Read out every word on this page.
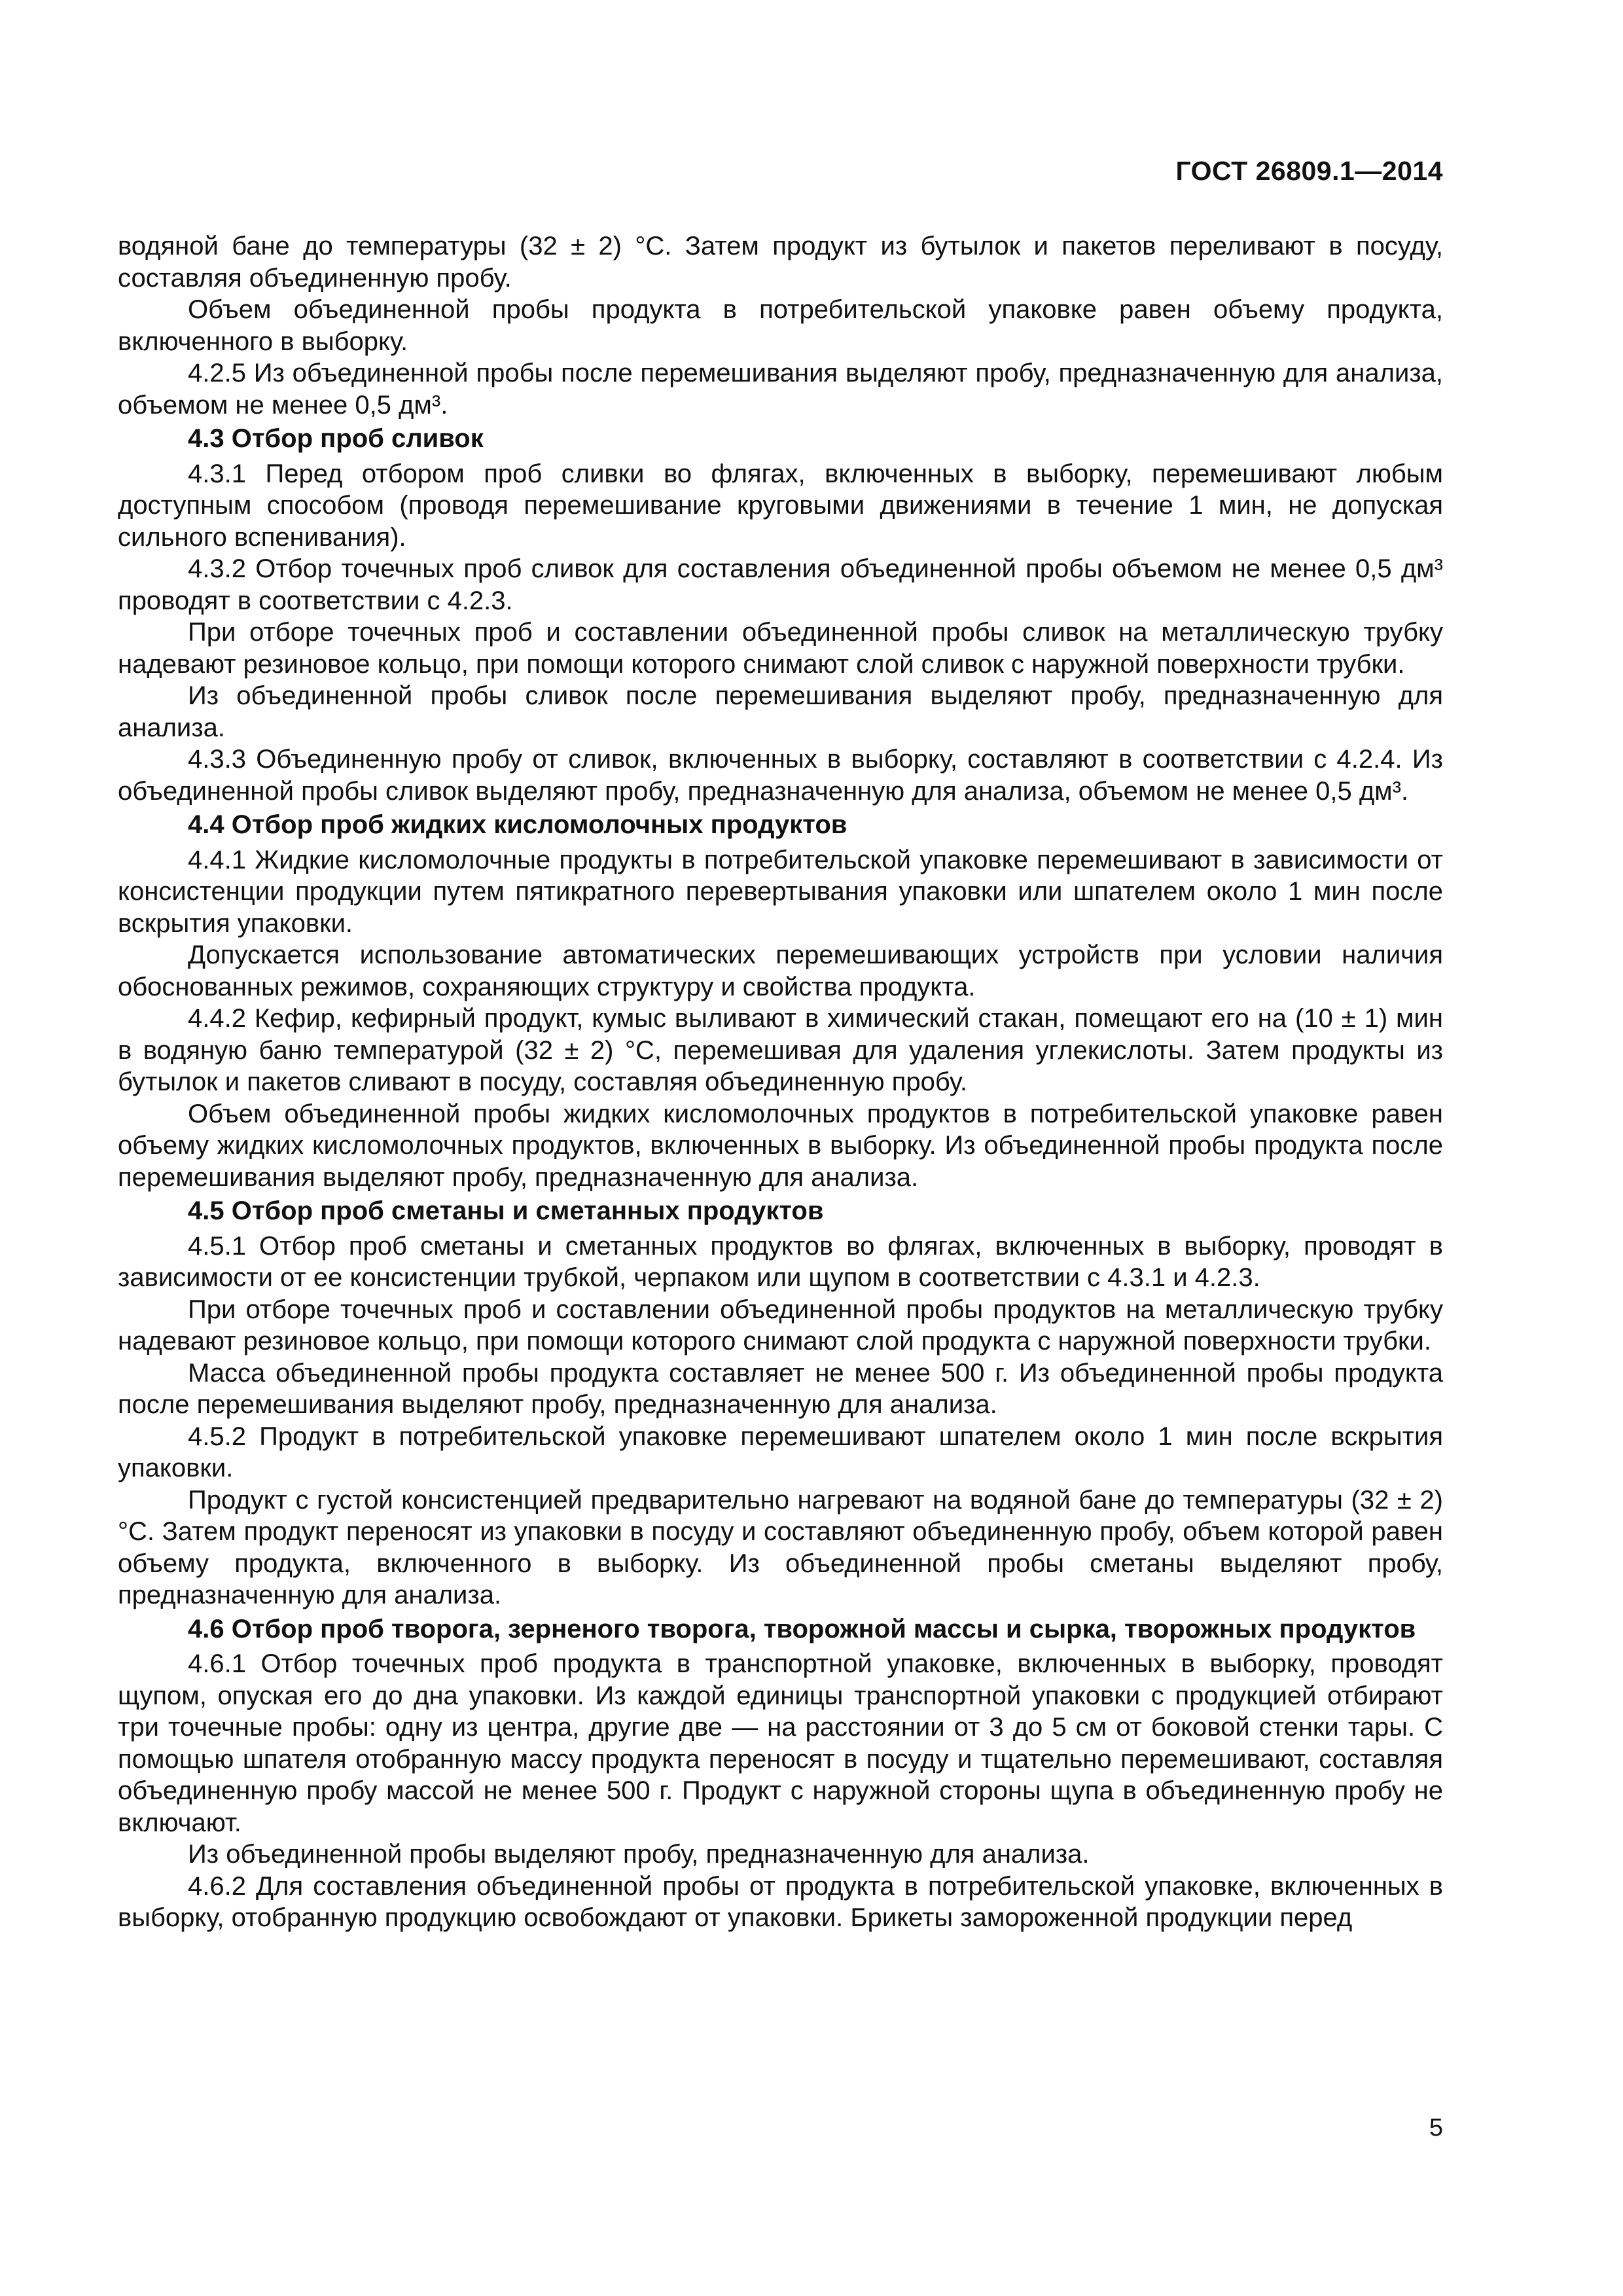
ГОСТ 26809.1—2014

водяной бане до температуры (32 ± 2) °С. Затем продукт из бутылок и пакетов переливают в посуду, составляя объединенную пробу.

Объем объединенной пробы продукта в потребительской упаковке равен объему продукта, включенного в выборку.

4.2.5 Из объединенной пробы после перемешивания выделяют пробу, предназначенную для анализа, объемом не менее 0,5 дм³.

4.3 Отбор проб сливок

4.3.1 Перед отбором проб сливки во флягах, включенных в выборку, перемешивают любым доступным способом (проводя перемешивание круговыми движениями в течение 1 мин, не допуская сильного вспенивания).

4.3.2 Отбор точечных проб сливок для составления объединенной пробы объемом не менее 0,5 дм³ проводят в соответствии с 4.2.3.

При отборе точечных проб и составлении объединенной пробы сливок на металлическую трубку надевают резиновое кольцо, при помощи которого снимают слой сливок с наружной поверхности трубки.

Из объединенной пробы сливок после перемешивания выделяют пробу, предназначенную для анализа.

4.3.3 Объединенную пробу от сливок, включенных в выборку, составляют в соответствии с 4.2.4. Из объединенной пробы сливок выделяют пробу, предназначенную для анализа, объемом не менее 0,5 дм³.

4.4 Отбор проб жидких кисломолочных продуктов

4.4.1 Жидкие кисломолочные продукты в потребительской упаковке перемешивают в зависимости от консистенции продукции путем пятикратного перевертывания упаковки или шпателем около 1 мин после вскрытия упаковки.

Допускается использование автоматических перемешивающих устройств при условии наличия обоснованных режимов, сохраняющих структуру и свойства продукта.

4.4.2 Кефир, кефирный продукт, кумыс выливают в химический стакан, помещают его на (10 ± 1) мин в водяную баню температурой (32 ± 2) °С, перемешивая для удаления углекислоты. Затем продукты из бутылок и пакетов сливают в посуду, составляя объединенную пробу.

Объем объединенной пробы жидких кисломолочных продуктов в потребительской упаковке равен объему жидких кисломолочных продуктов, включенных в выборку. Из объединенной пробы продукта после перемешивания выделяют пробу, предназначенную для анализа.

4.5 Отбор проб сметаны и сметанных продуктов

4.5.1 Отбор проб сметаны и сметанных продуктов во флягах, включенных в выборку, проводят в зависимости от ее консистенции трубкой, черпаком или щупом в соответствии с 4.3.1 и 4.2.3.

При отборе точечных проб и составлении объединенной пробы продуктов на металлическую трубку надевают резиновое кольцо, при помощи которого снимают слой продукта с наружной поверхности трубки.

Масса объединенной пробы продукта составляет не менее 500 г. Из объединенной пробы продукта после перемешивания выделяют пробу, предназначенную для анализа.

4.5.2 Продукт в потребительской упаковке перемешивают шпателем около 1 мин после вскрытия упаковки.

Продукт с густой консистенцией предварительно нагревают на водяной бане до температуры (32 ± 2) °С. Затем продукт переносят из упаковки в посуду и составляют объединенную пробу, объем которой равен объему продукта, включенного в выборку. Из объединенной пробы сметаны выделяют пробу, предназначенную для анализа.

4.6 Отбор проб творога, зерненого творога, творожной массы и сырка, творожных продуктов

4.6.1 Отбор точечных проб продукта в транспортной упаковке, включенных в выборку, проводят щупом, опуская его до дна упаковки. Из каждой единицы транспортной упаковки с продукцией отбирают три точечные пробы: одну из центра, другие две — на расстоянии от 3 до 5 см от боковой стенки тары. С помощью шпателя отобранную массу продукта переносят в посуду и тщательно перемешивают, составляя объединенную пробу массой не менее 500 г. Продукт с наружной стороны щупа в объединенную пробу не включают.

Из объединенной пробы выделяют пробу, предназначенную для анализа.

4.6.2 Для составления объединенной пробы от продукта в потребительской упаковке, включенных в выборку, отобранную продукцию освобождают от упаковки. Брикеты замороженной продукции перед

5
